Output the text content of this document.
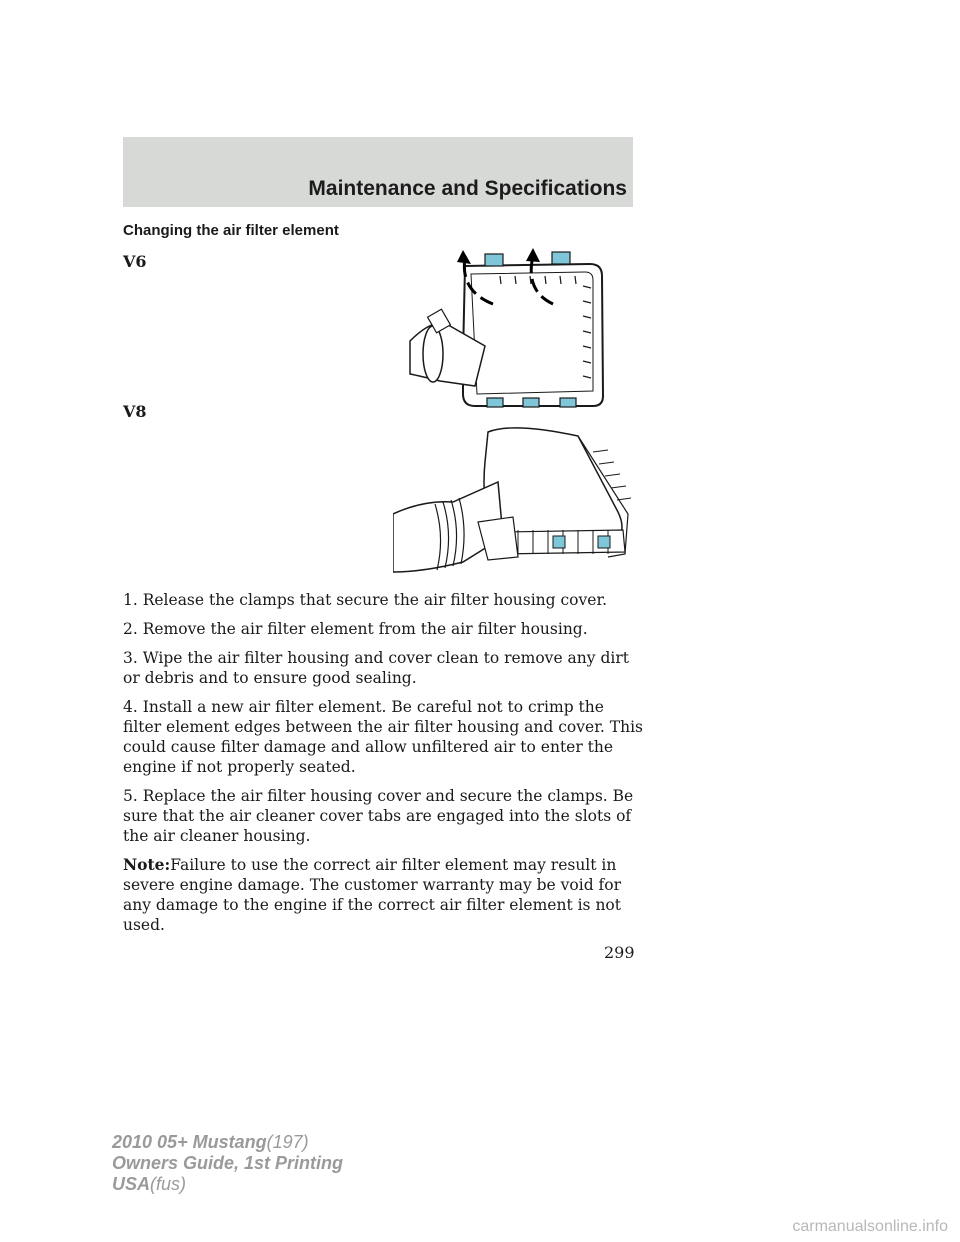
Maintenance and Specifications
Changing the air filter element
V6
V8

1. Release the clamps that secure the air filter housing cover.

2. Remove the air filter element from the air filter housing.

3. Wipe the air filter housing and cover clean to remove any dirt or debris and to ensure good sealing.

4. Install a new air filter element. Be careful not to crimp the filter element edges between the air filter housing and cover. This could cause filter damage and allow unfiltered air to enter the engine if not properly seated.

5. Replace the air filter housing cover and secure the clamps. Be sure that the air cleaner cover tabs are engaged into the slots of the air cleaner housing.

Note:Failure to use the correct air filter element may result in severe engine damage. The customer warranty may be void for any damage to the engine if the correct air filter element is not used.

299
2010 05+ Mustang(197)
Owners Guide, 1st Printing
USA(fus)
carmanualsonline.info
